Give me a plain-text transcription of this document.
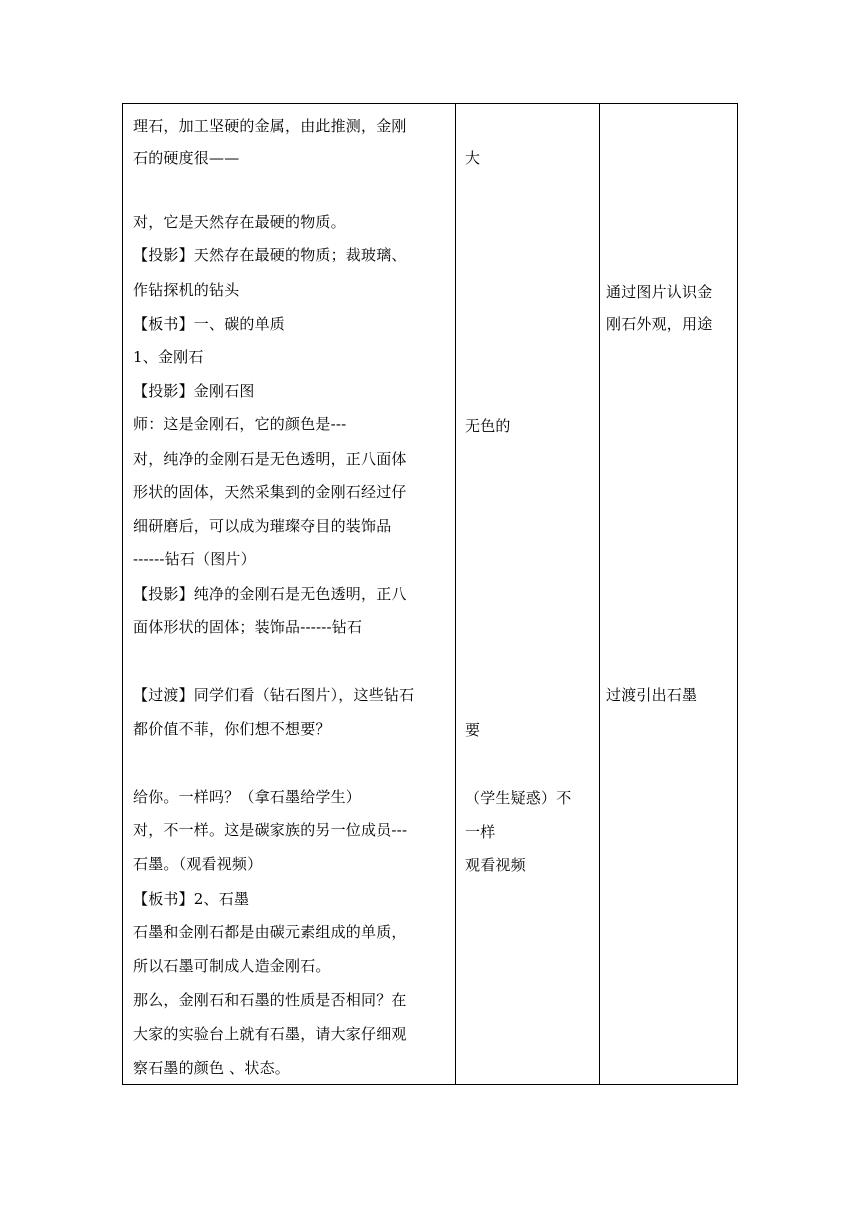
理石，加工坚硬的金属，由此推测，金刚
石的硬度很——
对，它是天然存在最硬的物质。
【投影】天然存在最硬的物质；裁玻璃、
作钻探机的钻头
【板书】一、碳的单质
1、金刚石
【投影】金刚石图
师：这是金刚石，它的颜色是---
对，纯净的金刚石是无色透明，正八面体
形状的固体，天然采集到的金刚石经过仔
细研磨后，可以成为璀璨夺目的装饰品
------钻石（图片）
【投影】纯净的金刚石是无色透明，正八
面体形状的固体；装饰品------钻石
【过渡】同学们看（钻石图片），这些钻石
都价值不菲，你们想不想要？
给你。一样吗？（拿石墨给学生）
对，不一样。这是碳家族的另一位成员---
石墨。（观看视频）
【板书】2、石墨
石墨和金刚石都是由碳元素组成的单质，
所以石墨可制成人造金刚石。
那么，金刚石和石墨的性质是否相同？在
大家的实验台上就有石墨，请大家仔细观
察石墨的颜色 、状态。
大
无色的
要
（学生疑惑）不
一样
观看视频
通过图片认识金
刚石外观，用途
过渡引出石墨
